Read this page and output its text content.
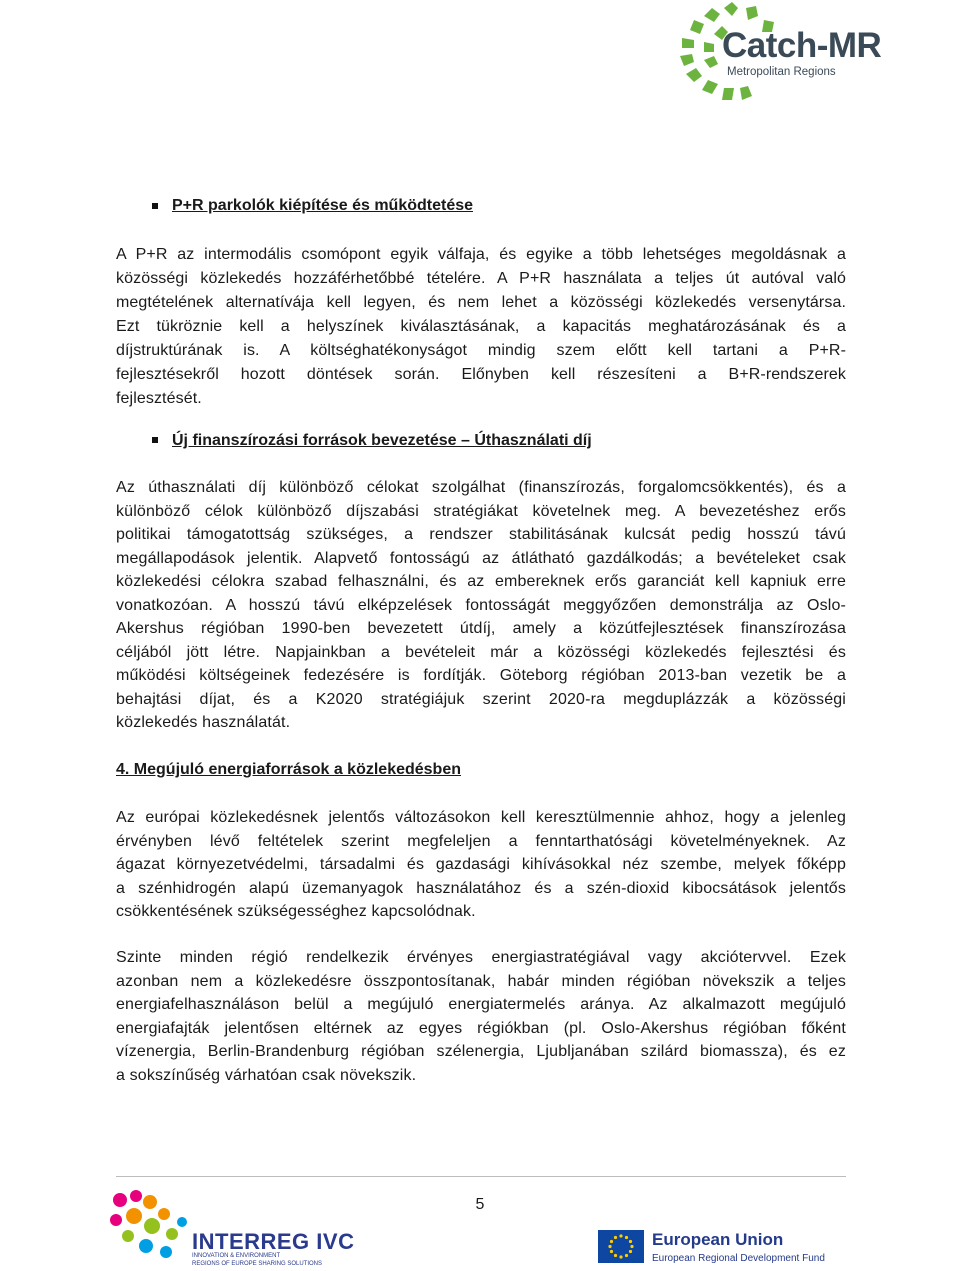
Catch-MR
Metropolitan Regions
P+R parkolók kiépítése és működtetése
A P+R az intermodális csomópont egyik válfaja, és egyike a több lehetséges megoldásnak a
közösségi közlekedés hozzáférhetőbbé tételére. A P+R használata a teljes út autóval való
megtételének alternatívája kell legyen, és nem lehet a közösségi közlekedés versenytársa.
Ezt tükröznie kell a helyszínek kiválasztásának, a kapacitás meghatározásának és a
díjstruktúrának is. A költséghatékonyságot mindig szem előtt kell tartani a P+R-
fejlesztésekről hozott döntések során. Előnyben kell részesíteni a B+R-rendszerek
fejlesztését.
Új finanszírozási források bevezetése – Úthasználati díj
Az úthasználati díj különböző célokat szolgálhat (finanszírozás, forgalomcsökkentés), és a
különböző célok különböző díjszabási stratégiákat követelnek meg. A bevezetéshez erős
politikai támogatottság szükséges, a rendszer stabilitásának kulcsát pedig hosszú távú
megállapodások jelentik. Alapvető fontosságú az átlátható gazdálkodás; a bevételeket csak
közlekedési célokra szabad felhasználni, és az embereknek erős garanciát kell kapniuk erre
vonatkozóan. A hosszú távú elképzelések fontosságát meggyőzően demonstrálja az Oslo-
Akershus régióban 1990-ben bevezetett útdíj, amely a közútfejlesztések finanszírozása
céljából jött létre. Napjainkban a bevételeit már a közösségi közlekedés fejlesztési és
működési költségeinek fedezésére is fordítják. Göteborg régióban 2013-ban vezetik be a
behajtási díjat, és a K2020 stratégiájuk szerint 2020-ra megduplázzák a közösségi
közlekedés használatát.
4. Megújuló energiaforrások a közlekedésben
Az európai közlekedésnek jelentős változásokon kell keresztülmennie ahhoz, hogy a jelenleg
érvényben lévő feltételek szerint megfeleljen a fenntarthatósági követelményeknek. Az
ágazat környezetvédelmi, társadalmi és gazdasági kihívásokkal néz szembe, melyek főképp
a szénhidrogén alapú üzemanyagok használatához és a szén-dioxid kibocsátások jelentős
csökkentésének szükségességhez kapcsolódnak.
Szinte minden régió rendelkezik érvényes energiastratégiával vagy akciótervvel. Ezek
azonban nem a közlekedésre összpontosítanak, habár minden régióban növekszik a teljes
energiafelhasználáson belül a megújuló energiatermelés aránya. Az alkalmazott megújuló
energiafajták jelentősen eltérnek az egyes régiókban (pl. Oslo-Akershus régióban főként
vízenergia, Berlin-Brandenburg régióban szélenergia, Ljubljanában szilárd biomassza), és ez
a sokszínűség várhatóan csak növekszik.
5
INTERREG IVC
INNOVATION & ENVIRONMENT
REGIONS OF EUROPE SHARING SOLUTIONS
European Union
European Regional Development Fund
